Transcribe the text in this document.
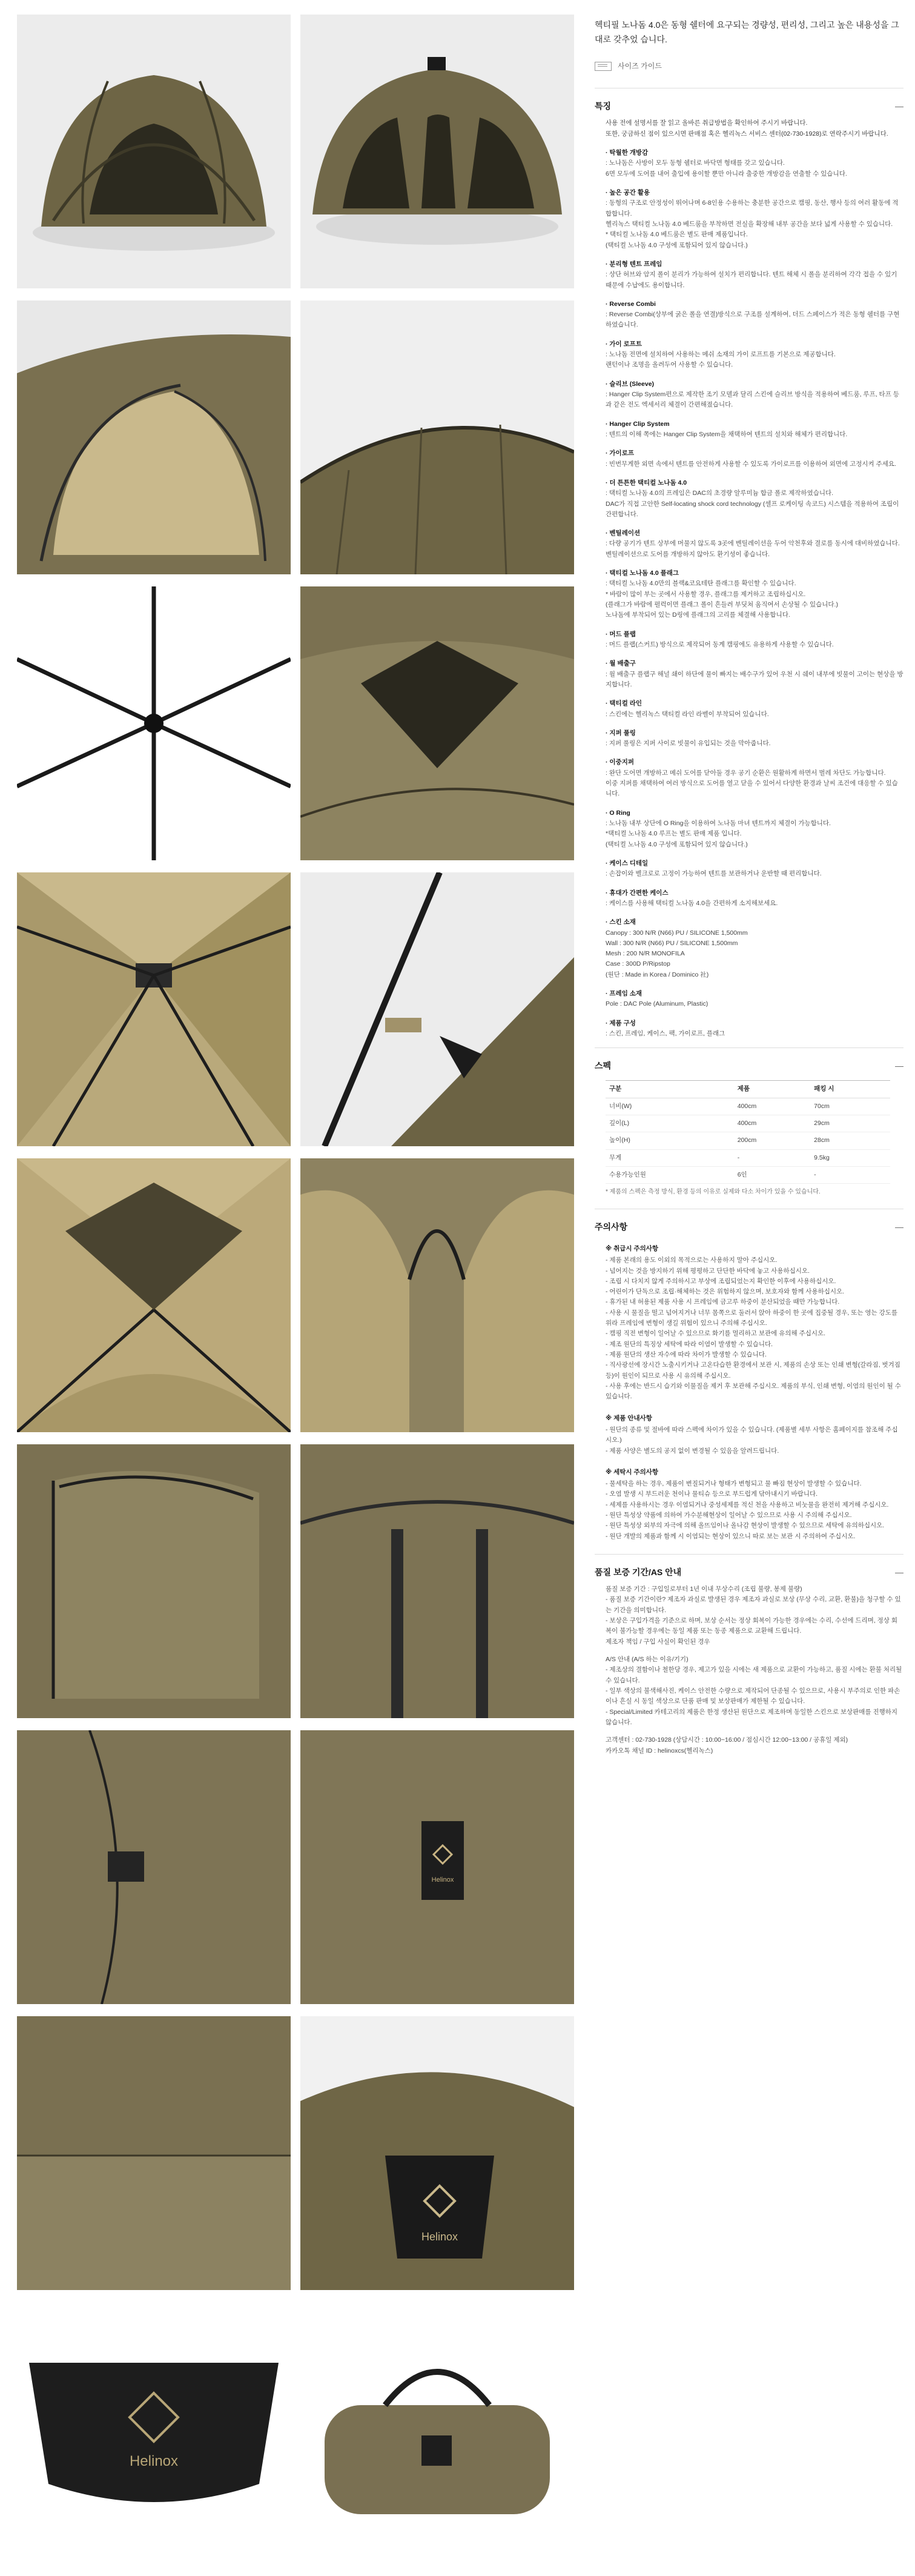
Helinox
Helinox
Helinox

헥티필 노나돔 4.0은 동형 쉘터에 요구되는 경량성, 편리성, 그리고 높은 내용성을 그대로 갖추었 습니다.

사이즈 가이드
특징	—
사용 전에 설명서를 잘 읽고 올바른 취급방법을 확인하여 주시기 바랍니다.
또한, 궁금하신 점이 있으시면 판매점 혹은 헬리녹스 서비스 센터(02-730-1928)로 연락주시기 바랍니다.
· 탁월한 개방감
: 노나돔은 사방이 모두 동형 쉘터로 바닥면 형태를 갖고 있습니다.
6면 모두에 도어를 내어 출입에 용이할 뿐만 아니라 출중한 개방감을 연출할 수 있습니다.
· 높은 공간 활용
: 동형의 구조로 안정성이 뛰어나며 6-8인용 수용하는 충분한 공간으로 캠핑, 동산, 행사 등의 여러 활동에 적합합니다.
헬리녹스 택티컬 노나돔 4.0 베드룸을 부착하면 전실을 확장해 내부 공간을 보다 넓게 사용할 수 있습니다.
* 택티컬 노나돔 4.0 베드룸은 별도 판매 제품입니다.
(택티컬 노나돔 4.0 구성에 포함되어 있지 않습니다.)
· 분리형 텐트 프레임
: 상단 허브와 암지 폴이 분리가 가능하여 설치가 편리합니다. 텐트 해체 시 폴을 분리하여 각각 접을 수 있기 때문에 수납에도 용이합니다.
· Reverse Combi
: Reverse Combi(상부에 굵은 폴을 연결)방식으로 구조를 설계하여, 더드 스페이스가 적은 동형 쉘터를 구현하였습니다.
· 가이 로프트
: 노나돔 전면에 설치하여 사용하는 메쉬 소재의 가이 로프트를 기본으로 제공합니다.
랜턴이나 조명을 올려두어 사용할 수 있습니다.
· 슬리브 (Sleeve)
: Hanger Clip System편으로 제작한 조기 모델과 달리 스킨에 슬리브 방식을 적용하여 베드룸, 루프, 타프 등과 같은 전도 엑세서리 체결이 간편해졌습니다.
· Hanger Clip System
: 텐트의 이해 쪽에는 Hanger Clip System을 채택하여 텐트의 설치와 해체가 편리합니다.
· 가이로프
: 빈번무게한 외면 속에서 텐트를 안전하게 사용할 수 있도록 가이로프를 이용하여 외면에 고정시켜 주세요.
· 더 튼튼한 택티컬 노나돔 4.0
: 택티컬 노나돔 4.0의 프레임은 DAC의 초경량 알루미늄 합금 폴로 제작하였습니다.
DAC가 직접 고안한 Self-locating shock cord technology (셀프 로케이팅 속코드) 시스템을 적용하여 조립이 간편합니다.
· 벤틸레이션
: 다량 공기가 텐트 상부에 머물지 않도록 3곳에 벤틸레이션을 두어 악천후와 결로를 동시에 대비하였습니다.
벤틸레이션으로 도어를 개방하지 않아도 환기성이 좋습니다.
· 택티컬 노나돔 4.0 플래그
: 택티컬 노나돔 4.0만의 블랙&코요테탄 플래그를 확인할 수 있습니다.
* 바람이 많이 부는 곳에서 사용할 경우, 플래그를 제거하고 조립하십시오.
(플래그가 바람에 펄럭이면 플래그 폴이 흔들려 부딪쳐 움직여서 손상될 수 있습니다.)
노나돔에 부착되어 있는 D링에 플래그의 고리를 체결해 사용합니다.
· 머드 플랩
: 머드 플랩(스커트) 방식으로 제작되어 동계 캠핑에도 유용하게 사용할 수 있습니다.
· 월 배출구
: 월 배출구 플랩구 해널 쇄이 하단에 물이 빠지는 배수구가 있어 우천 시 쉐이 내부에 빗물이 고이는 현상을 방지합니다.
· 택티컬 라인
: 스킨에는 헬리녹스 택티컬 라인 라벨이 부착되어 있습니다.
· 지퍼 풀링
: 지퍼 풀링은 지퍼 사이로 빗물이 유입되는 것을 막아줍니다.
· 이중지퍼
: 완단 도어면 개방하고 메쉬 도어를 닫아둘 경우 공기 순환은 원활하게 하면서 벌레 차단도 가능합니다.
이중 지퍼를 채택하여 여러 방식으로 도어를 열고 닫을 수 있어서 다양한 환경과 날씨 조건에 대응할 수 있습니다.
· O Ring
: 노나돔 내부 상단에 O Ring을 이용하여 노나돔 마녀 텐트까지 체결이 가능합니다.
*택티컬 노나돔 4.0 루프는 별도 판매 제품 입니다.
(택티컬 노나돔 4.0 구성에 포함되어 있지 않습니다.)
· 케이스 디테일
: 손잡이와 벨크로로 고정이 가능하여 텐트를 보관하거나 운반할 때 편리합니다.
· 휴대가 간편한 케이스
: 케이스를 사용해 택티컬 노나돔 4.0을 간편하게 소지해보세요.
· 스킨 소재
Canopy : 300 N/R (N66) PU / SILICONE 1,500mm
Wall : 300 N/R (N66) PU / SILICONE 1,500mm
Mesh : 200 N/R MONOFILA
Case : 300D P/Ripstop
(원단 : Made in Korea / Dominico 社)
· 프레임 소재
Pole : DAC Pole (Aluminum, Plastic)
· 제품 구성
: 스킨, 프레임, 케이스, 팩, 가이로프, 플래그
스펙	—
구분	제품	패킹 시
너비(W)	400cm	70cm
깊이(L)	400cm	29cm
높이(H)	200cm	28cm
무게	-	9.5kg
수용가능인원	6인	-
* 제품의 스펙은 측정 방식, 환경 등의 이유로 실제와 다소 차이가 있을 수 있습니다.
주의사항	—
※ 취급시 주의사항
- 제품 본래의 용도 이외의 목적으로는 사용하지 말아 주십시오.
- 넘어지는 것을 방지하기 위해 평평하고 단단한 바닥에 놓고 사용하십시오.
- 조립 시 다치지 않게 주의하시고 부상에 조립되었는지 확인한 이후에 사용하십시오.
- 어린이가 단독으로 조립·해체하는 것은 위험하지 않으며, 보호자와 함께 사용하십시오.
- 휴가된 내 허용된 제품 사용 시 프레임에 금고루 하중이 분산되었을 때만 가능합니다.
- 사용 시 물질을 떨고 넘어지거나 너무 몸쪽으로 둘러서 앉아 하중이 한 곳에 집중될 경우, 또는 영는 강도를 위라 프레임에 변형이 생길 위험이 있으니 주의해 주십시오.
- 캠핑 직전 변형이 일어날 수 있으므로 화기를 멀리하고 보관에 유의해 주십시오.
- 제조 원단의 특징상 세탁에 따라 이염이 발생할 수 있습니다.
- 제품 원단의 생산 자수에 따라 차이가 발생할 수 있습니다.
- 직사광선에 장시간 노출시키거나 고온다습한 환경에서 보관 시, 제품의 손상 또는 인쇄 변형(갈라짐, 벗겨짐 등)이 원인이 되므로 사용 시 유의해 주십시오.
- 사용 후에는 반드시 습기와 이물질을 제거 후 보관해 주십시오. 제품의 부식, 인쇄 변형, 이염의 원인이 될 수 있습니다.
※ 제품 안내사항
- 원단의 종류 및 절바에 따라 스펙에 차이가 있을 수 있습니다. (제품별 세부 사항은 홈페이지를 참조해 주십시오.)
- 제품 사양은 별도의 공지 없이 변경될 수 있음을 알려드립니다.
※ 세탁시 주의사항
- 물세탁을 하는 경우, 제품이 변질되거나 형태가 변형되고 물 빠짐 현상이 발생할 수 있습니다.
- 오염 발생 시 부드러운 천이나 물티슈 등으로 부드럽게 닦아내시기 바랍니다.
- 세제를 사용하시는 경우 이염되거나 중성세제를 적신 천을 사용하고 비눗물을 완전히 제거해 주십시오.
- 원단 특성상 약품에 의하여 가수분해현상이 일어날 수 있으므로 사용 시 주의해 주십시오.
- 원단 특성상 외부의 자극에 의해 올뜨임이나 올나감 현상이 발생할 수 있으므로 세탁에 유의하십시오.
- 원단 개발의 제품과 함께 시 이염되는 현상이 있으니 따로 보는 보관 시 주의하여 주십시오.
품질 보증 기간/AS 안내	—
품질 보증 기간 : 구입일로부터 1년 이내 무상수리 (조립 불량, 봉제 불량)
- 품질 보증 기간이란? 제조자 과실로 발생된 경우 제조자 과실로 보상 (무상 수리, 교환, 환불)을 청구할 수 있는 기간을 의미합니다.
- 보상은 구입가격을 기준으로 하며, 보상 순서는 정상 회복이 가능한 경우에는 수리, 수선에 드리며, 정상 회복이 불가능할 경우에는 동일 제품 또는 동종 제품으로 교환해 드립니다.
제조자 책임 / 구입 사실이 확인된 경우
A/S 안내 (A/S 하는 이유/기기)
- 제조상의 결함이나 철한당 경우, 제고가 있을 시에는 새 제품으로 교환이 가능하고, 품질 시에는 환불 처리될 수 있습니다.
- 일부 색상의 불색해사진, 케이스 안전한 수량으로 제작되어 단종될 수 있으므로, 사용시 부주의로 인한 파손이나 흔실 시 동일 색상으로 단품 판매 및 보상판매가 제한될 수 있습니다.
- Special/Limited 카테고리의 제품은 한정 생산된 원단으로 제조하며 동일한 스킨으로 보상판매를 진행하지 않습니다.
고객센터 : 02-730-1928 (상담시간 : 10:00~16:00 / 점심시간 12:00~13:00 / 공휴일 제외)
카카오톡 채널 ID : helinoxcs(헬리녹스)
